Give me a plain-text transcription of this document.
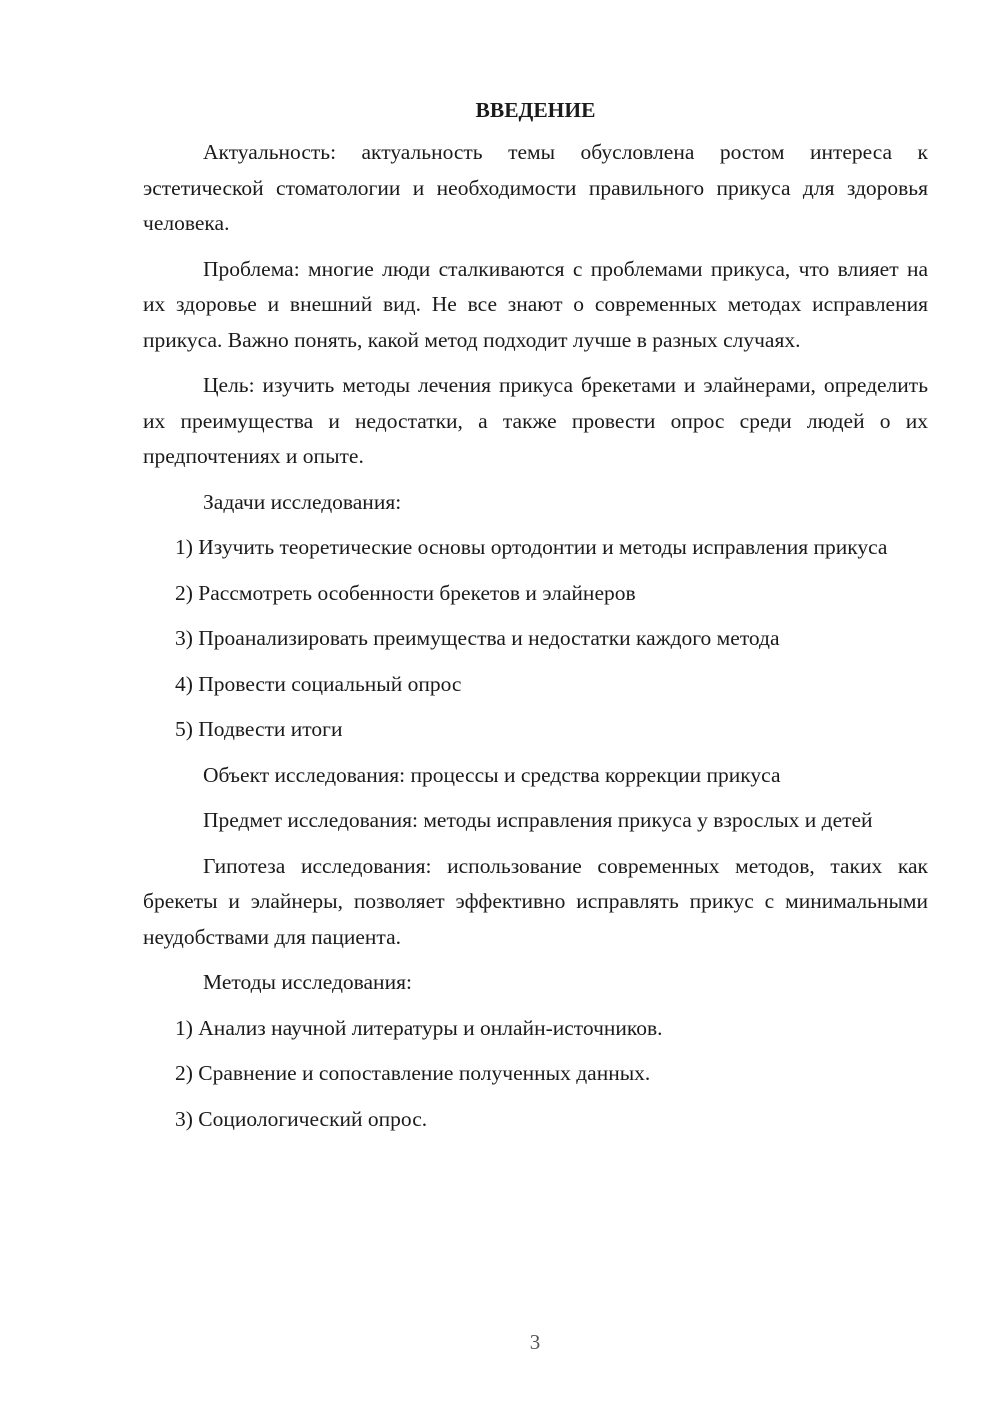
ВВЕДЕНИЕ

Актуальность: актуальность темы обусловлена ростом интереса к эстетической стоматологии и необходимости правильного прикуса для здоровья человека.

Проблема: многие люди сталкиваются с проблемами прикуса, что влияет на их здоровье и внешний вид. Не все знают о современных методах исправления прикуса. Важно понять, какой метод подходит лучше в разных случаях.

Цель: изучить методы лечения прикуса брекетами и элайнерами, определить их преимущества и недостатки, а также провести опрос среди людей о их предпочтениях и опыте.

Задачи исследования:

1) Изучить теоретические основы ортодонтии и методы исправления прикуса

2) Рассмотреть особенности брекетов и элайнеров

3) Проанализировать преимущества и недостатки каждого метода

4) Провести социальный опрос

5) Подвести итоги

Объект исследования: процессы и средства коррекции прикуса

Предмет исследования: методы исправления прикуса у взрослых и детей

Гипотеза исследования: использование современных методов, таких как брекеты и элайнеры, позволяет эффективно исправлять прикус с минимальными неудобствами для пациента.

Методы исследования:

1) Анализ научной литературы и онлайн-источников.

2) Сравнение и сопоставление полученных данных.

3) Социологический опрос.

3
